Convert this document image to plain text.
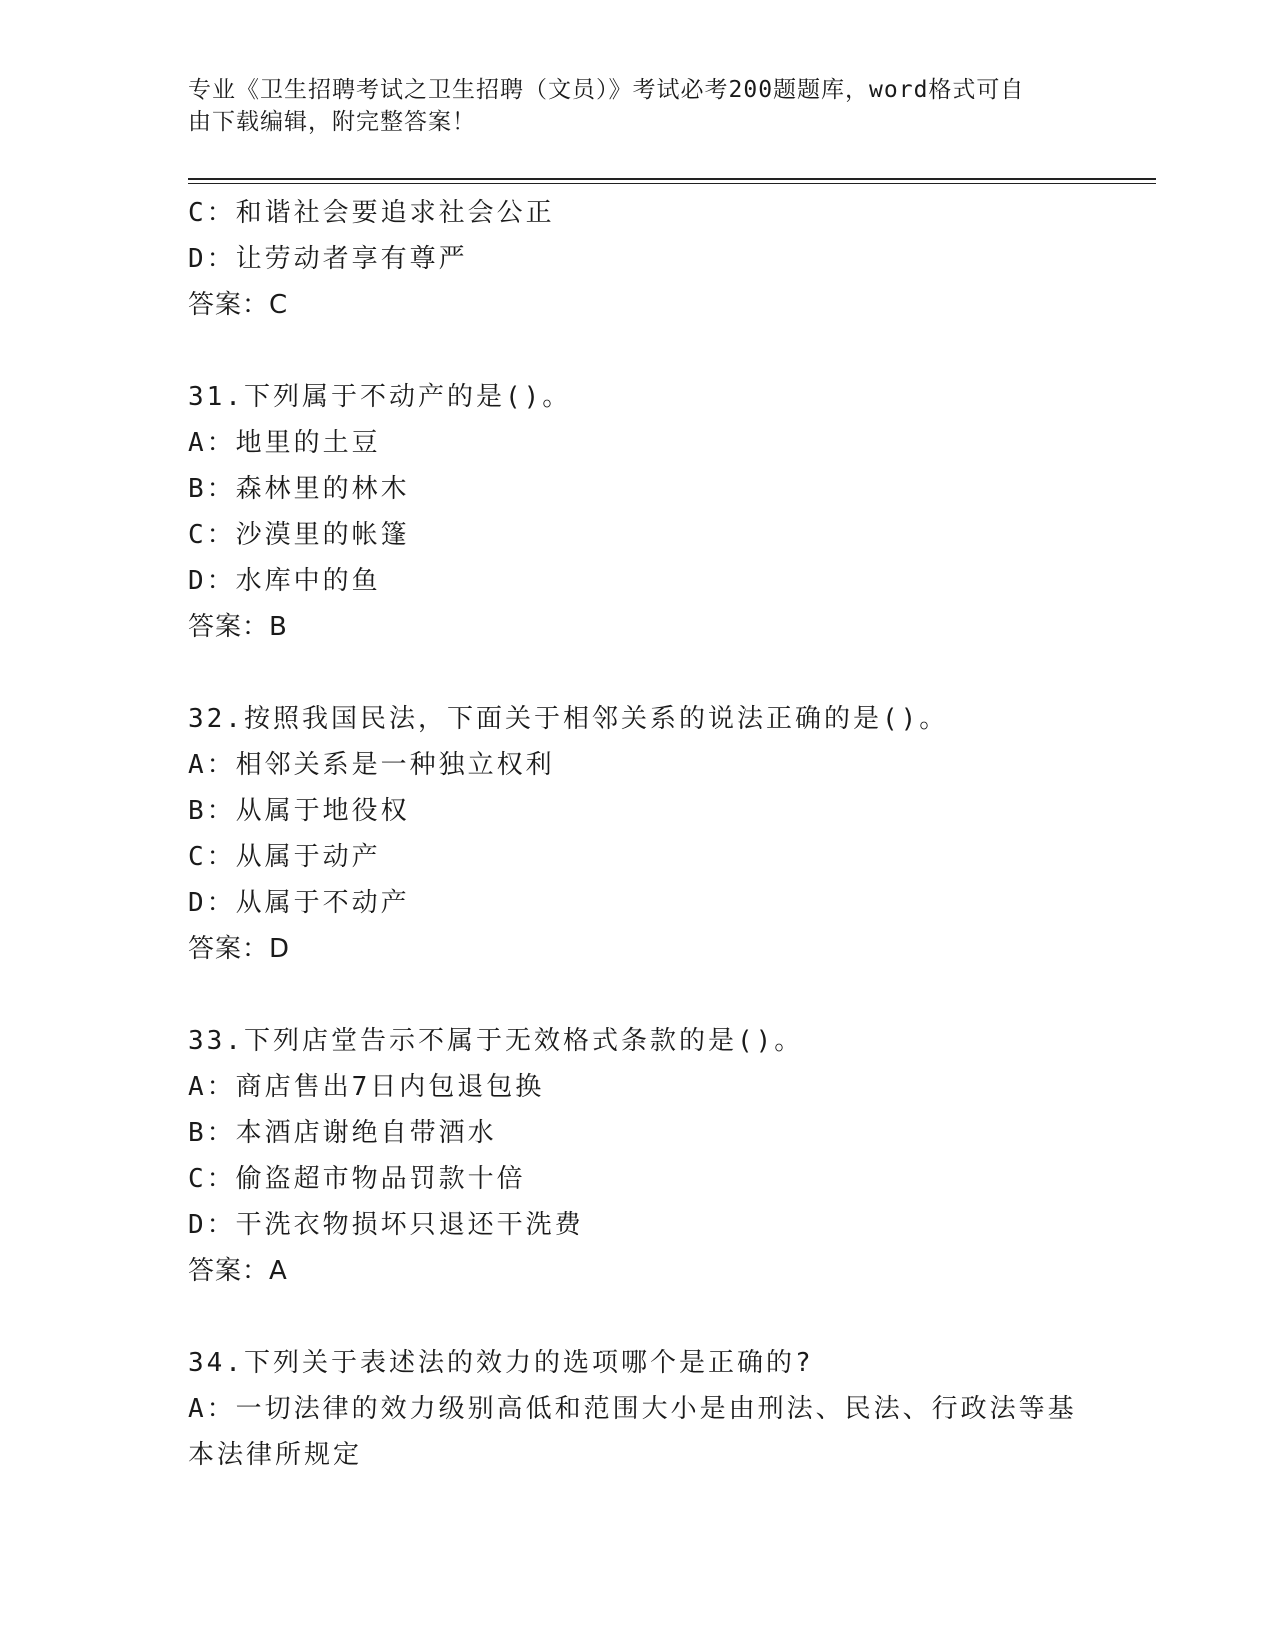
专业《卫生招聘考试之卫生招聘（文员）》考试必考200题题库，word格式可自
由下载编辑，附完整答案！
C：和谐社会要追求社会公正
D：让劳动者享有尊严
答案：C
31.下列属于不动产的是()。
A：地里的土豆
B：森林里的林木
C：沙漠里的帐篷
D：水库中的鱼
答案：B
32.按照我国民法，下面关于相邻关系的说法正确的是()。
A：相邻关系是一种独立权利
B：从属于地役权
C：从属于动产
D：从属于不动产
答案：D
33.下列店堂告示不属于无效格式条款的是()。
A：商店售出7日内包退包换
B：本酒店谢绝自带酒水
C：偷盗超市物品罚款十倍
D：干洗衣物损坏只退还干洗费
答案：A
34.下列关于表述法的效力的选项哪个是正确的?
A：一切法律的效力级别高低和范围大小是由刑法、民法、行政法等基本法律所规定
